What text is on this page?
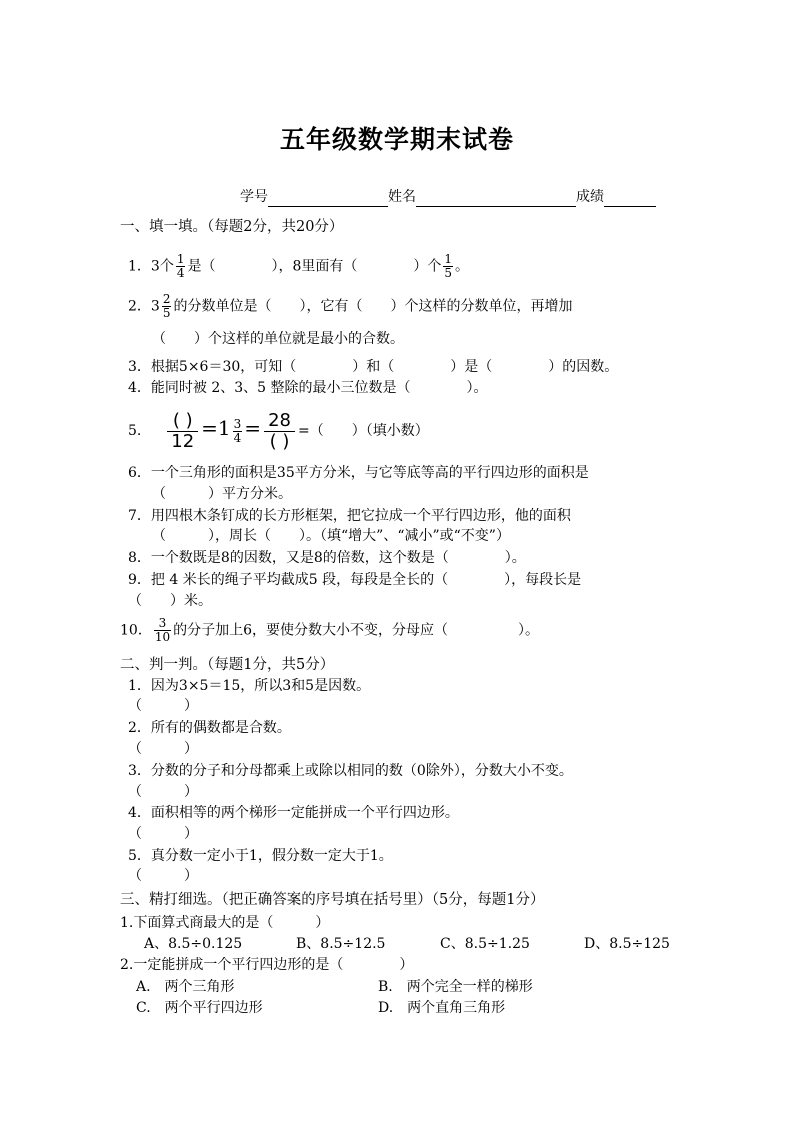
五年级数学期末试卷
学号	姓名	成绩
一、填一填。（每题2分，共20分）
1．3个 $\frac{1}{4}$ 是（　　　　），8里面有（　　　　）个 $\frac{1}{5}$ 。
2．$3 \frac{2}{5}$ 的分数单位是（　　），它有（　　）个这样的分数单位，再增加
（　　）个这样的单位就是最小的合数。
3．根据5×6＝30，可知（　　　　）和（　　　　）是（　　　　）的因数。
4．能同时被 2、3、5 整除的最小三位数是（　　　　）。
5. $\frac{( )}{12} =1 \frac{3}{4} = \frac{28}{( )}$ =（　　）（填小数）
6．一个三角形的面积是35平方分米，与它等底等高的平行四边形的面积是
（　　　）平方分米。
7．用四根木条钉成的长方形框架，把它拉成一个平行四边形，他的面积
（　　　），周长（　　）。（填“增大”、“减小”或“不变”）
8．一个数既是8的因数，又是8的倍数，这个数是（　　　　）。
9．把 4 米长的绳子平均截成5 段，每段是全长的（　　　　），每段长是
（　　）米。
10． $\frac{3}{10}$ 的分子加上6，要使分数大小不变，分母应（　　　　　）。
二、判一判。（每题1分，共5分）
1．因为3×5＝15，所以3和5是因数。
（　　　）
2．所有的偶数都是合数。
（　　　）
3．分数的分子和分母都乘上或除以相同的数（0除外），分数大小不变。
（　　　）
4．面积相等的两个梯形一定能拼成一个平行四边形。
（　　　）
5．真分数一定小于1，假分数一定大于1。
（　　　）
三、精打细选。（把正确答案的序号填在括号里）（5分，每题1分）
1.下面算式商最大的是（　　　）
A、8.5÷0.125	B、8.5÷12.5	C、8.5÷1.25	D、8.5÷125
2.一定能拼成一个平行四边形的是（　　　　）
A.　两个三角形	B.　两个完全一样的梯形
C.　两个平行四边形	D.　两个直角三角形
